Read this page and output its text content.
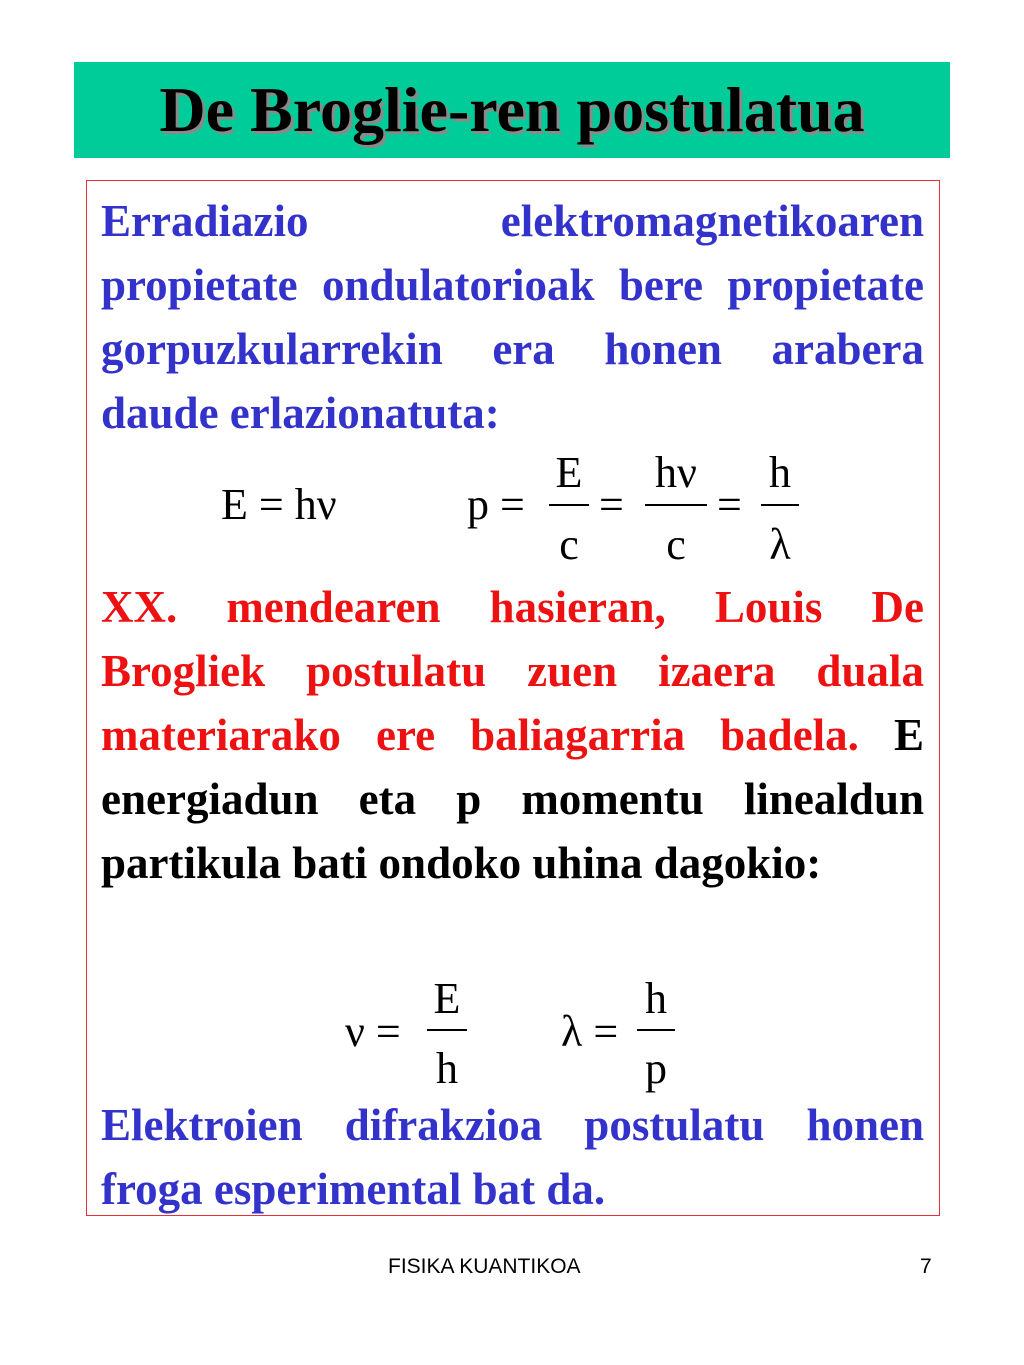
De Broglie-ren postulatua

Erradiazio elektromagnetikoaren propietate ondulatorioak bere propietate gorpuzkularrekin era honen arabera daude erlazionatuta:

E = hν	p =
E
c
=
hν
c
=
h
λ

XX. mendearen hasieran, Louis De Brogliek postulatu zuen izaera duala materiarako ere baliagarria badela. E energiadun eta p momentu linealdun partikula bati ondoko uhina dagokio:

ν =
E
h
λ =
h
p

Elektroien difrakzioa postulatu honen froga esperimental bat da.

FISIKA KUANTIKOA	7
